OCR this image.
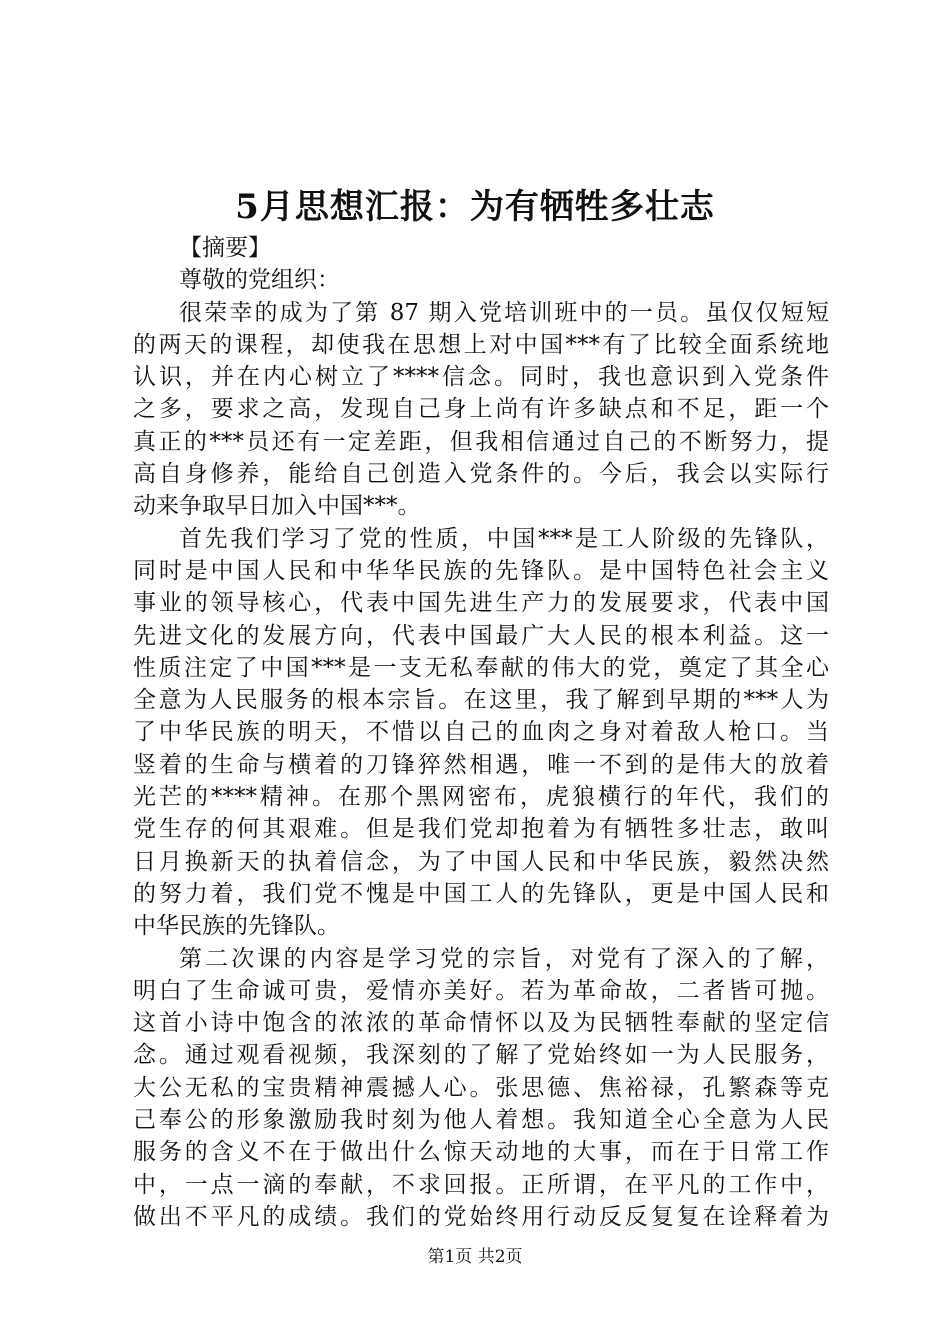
5月思想汇报：为有牺牲多壮志
【摘要】
尊敬的党组织：
很荣幸的成为了第 87 期入党培训班中的一员。虽仅仅短短
的两天的课程，却使我在思想上对中国***有了比较全面系统地
认识，并在内心树立了****信念。同时，我也意识到入党条件
之多，要求之高，发现自己身上尚有许多缺点和不足，距一个
真正的***员还有一定差距，但我相信通过自己的不断努力，提
高自身修养，能给自己创造入党条件的。今后，我会以实际行
动来争取早日加入中国***。
首先我们学习了党的性质，中国***是工人阶级的先锋队，
同时是中国人民和中华华民族的先锋队。是中国特色社会主义
事业的领导核心，代表中国先进生产力的发展要求，代表中国
先进文化的发展方向，代表中国最广大人民的根本利益。这一
性质注定了中国***是一支无私奉献的伟大的党，奠定了其全心
全意为人民服务的根本宗旨。在这里，我了解到早期的***人为
了中华民族的明天，不惜以自己的血肉之身对着敌人枪口。当
竖着的生命与横着的刀锋猝然相遇，唯一不到的是伟大的放着
光芒的****精神。在那个黑网密布，虎狼横行的年代，我们的
党生存的何其艰难。但是我们党却抱着为有牺牲多壮志，敢叫
日月换新天的执着信念，为了中国人民和中华民族，毅然决然
的努力着，我们党不愧是中国工人的先锋队，更是中国人民和
中华民族的先锋队。
第二次课的内容是学习党的宗旨，对党有了深入的了解，
明白了生命诚可贵，爱情亦美好。若为革命故，二者皆可抛。
这首小诗中饱含的浓浓的革命情怀以及为民牺牲奉献的坚定信
念。通过观看视频，我深刻的了解了党始终如一为人民服务，
大公无私的宝贵精神震撼人心。张思德、焦裕禄，孔繁森等克
己奉公的形象激励我时刻为他人着想。我知道全心全意为人民
服务的含义不在于做出什么惊天动地的大事，而在于日常工作
中，一点一滴的奉献，不求回报。正所谓，在平凡的工作中，
做出不平凡的成绩。我们的党始终用行动反反复复在诠释着为
第1页 共2页
